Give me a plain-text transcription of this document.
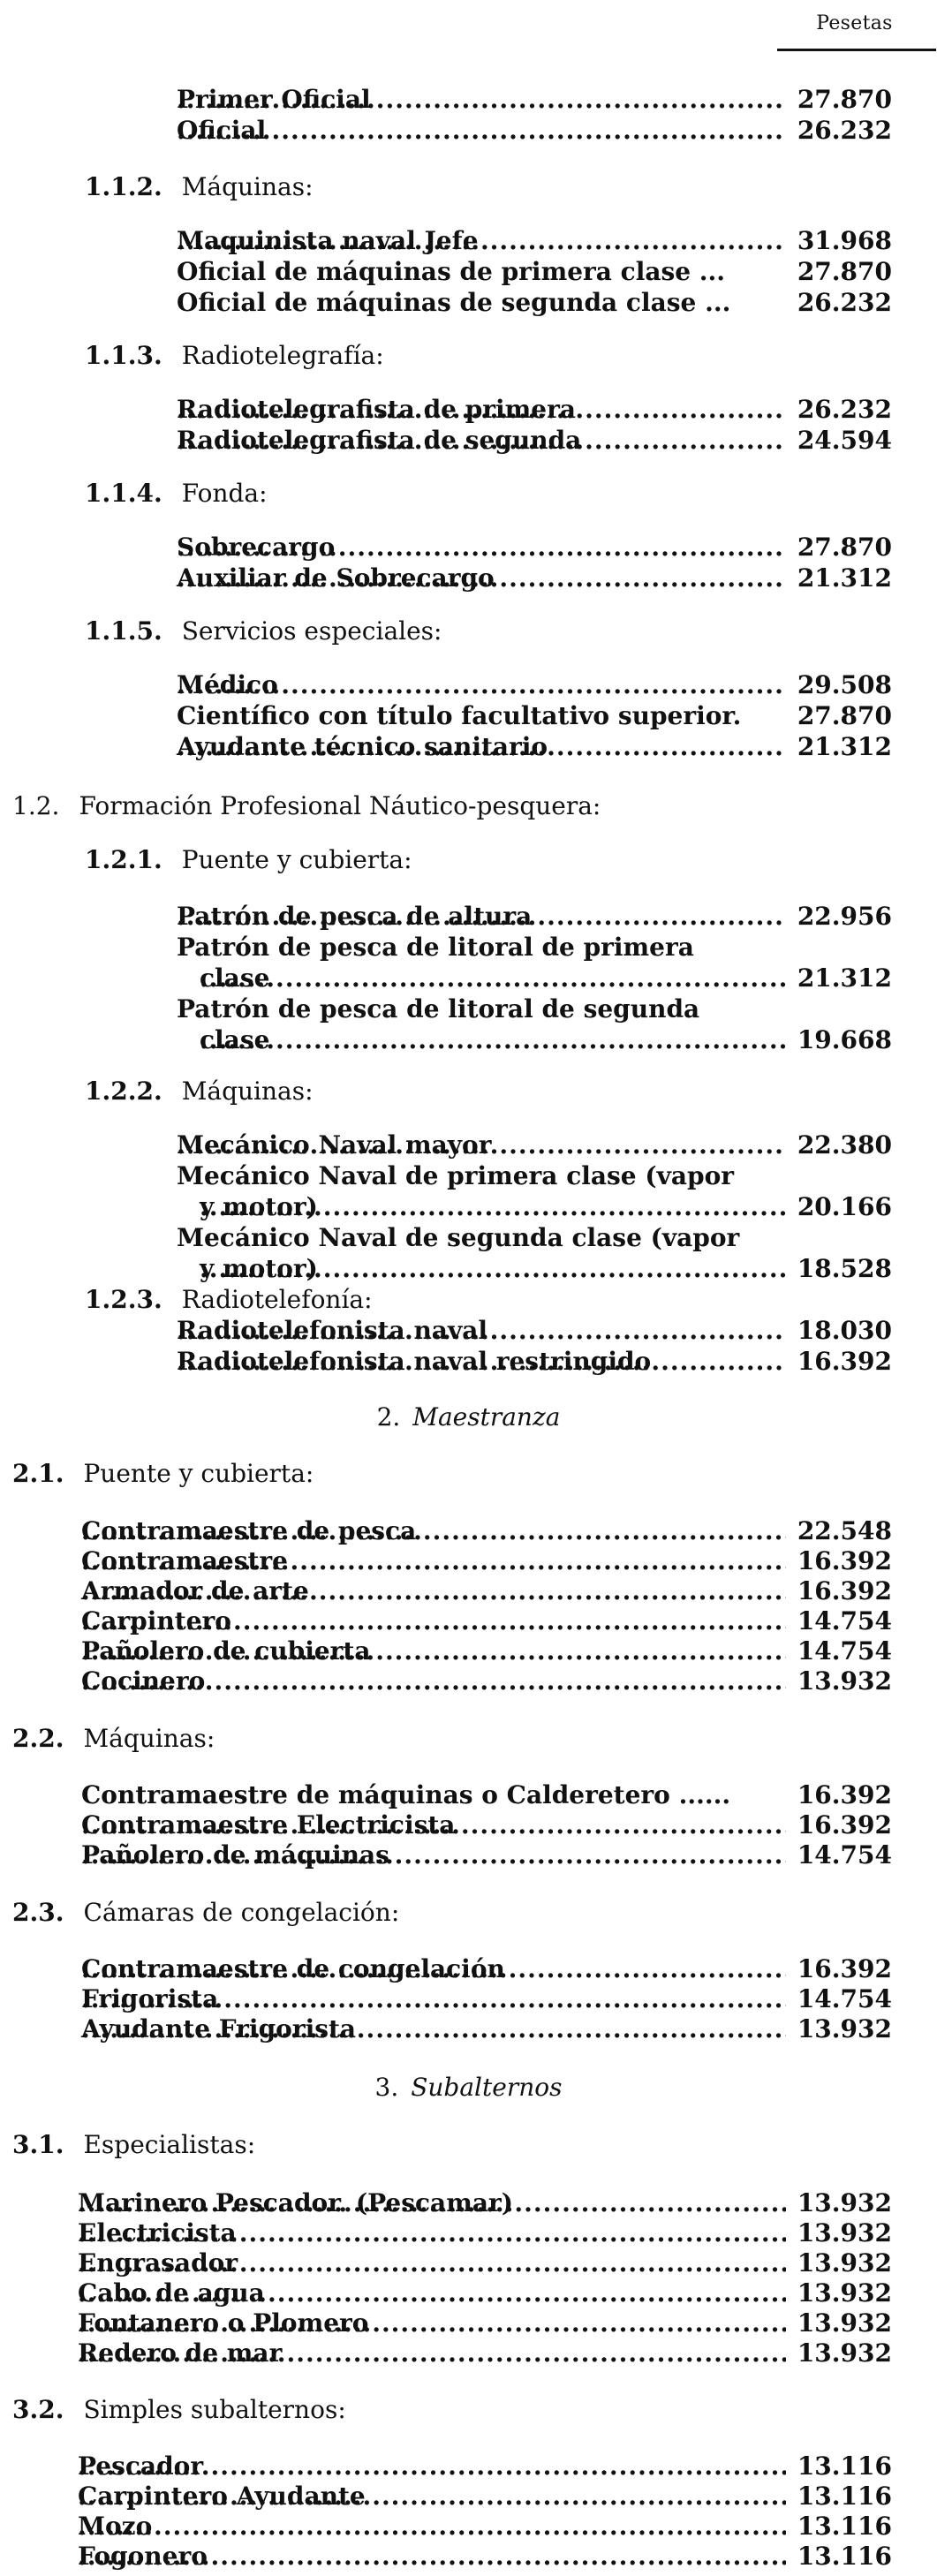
Pesetas
Primer Oficial .....	27.870
Oficial .....	26.232
1.1.2. Máquinas:
Maquinista naval Jefe .....	31.968
Oficial de máquinas de primera clase ...	27.870
Oficial de máquinas de segunda clase ...	26.232
1.1.3. Radiotelegrafía:
Radiotelegrafista de primera .....	26.232
Radiotelegrafista de segunda .....	24.594
1.1.4. Fonda:
Sobrecargo .....	27.870
Auxiliar de Sobrecargo .....	21.312
1.1.5. Servicios especiales:
Médico .....	29.508
Científico con título facultativo superior. 27.870
Ayudante técnico sanitario .....	21.312
1.2. Formación Profesional Náutico-pesquera:
1.2.1. Puente y cubierta:
Patrón de pesca de altura .....	22.956
Patrón de pesca de litoral de primera
clase .....	21.312
Patrón de pesca de litoral de segunda
clase .....	19.668
1.2.2. Máquinas:
Mecánico Naval mayor .....	22.380
Mecánico Naval de primera clase (vapor
y motor) .....	20.166
Mecánico Naval de segunda clase (vapor
y motor) .....	18.528
1.2.3. Radiotelefonía:
Radiotelefonista naval .....	18.030
Radiotelefonista naval restringido .....	16.392
2. Maestranza
2.1. Puente y cubierta:
Contramaestre de pesca .....	22.548
Contramaestre .....	16.392
Armador de arte .....	16.392
Carpintero .....	14.754
Pañolero de cubierta .....	14.754
Cocinero .....	13.932
2.2. Máquinas:
Contramaestre de máquinas o Calderetero ......	16.392
Contramaestre Electricista .....	16.392
Pañolero de máquinas .....	14.754
2.3. Cámaras de congelación:
Contramaestre de congelación .....	16.392
Frigorista .....	14.754
Ayudante Frigorista .....	13.932
3. Subalternos
3.1. Especialistas:
Marinero Pescador. (Pescamar) .....	13.932
Electricista .....	13.932
Engrasador .....	13.932
Cabo de agua .....	13.932
Fontanero o Plomero .....	13.932
Redero de mar .....	13.932
3.2. Simples subalternos:
Pescador .....	13.116
Carpintero Ayudante .....	13.116
Mozo .....	13.116
Fogonero .....	13.116
